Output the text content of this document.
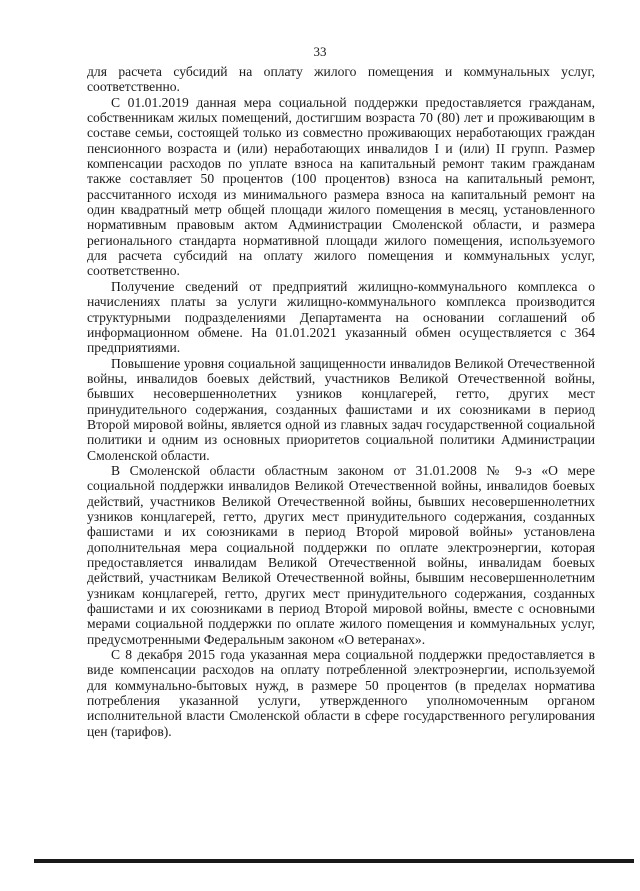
33

для расчета субсидий на оплату жилого помещения и коммунальных услуг, соответственно.

С 01.01.2019 данная мера социальной поддержки предоставляется гражданам, собственникам жилых помещений, достигшим возраста 70 (80) лет и проживающим в составе семьи, состоящей только из совместно проживающих неработающих граждан пенсионного возраста и (или) неработающих инвалидов I и (или) II групп. Размер компенсации расходов по уплате взноса на капитальный ремонт таким гражданам также составляет 50 процентов (100 процентов) взноса на капитальный ремонт, рассчитанного исходя из минимального размера взноса на капитальный ремонт на один квадратный метр общей площади жилого помещения в месяц, установленного нормативным правовым актом Администрации Смоленской области, и размера регионального стандарта нормативной площади жилого помещения, используемого для расчета субсидий на оплату жилого помещения и коммунальных услуг, соответственно.

Получение сведений от предприятий жилищно-коммунального комплекса о начислениях платы за услуги жилищно-коммунального комплекса производится структурными подразделениями Департамента на основании соглашений об информационном обмене. На 01.01.2021 указанный обмен осуществляется с 364 предприятиями.

Повышение уровня социальной защищенности инвалидов Великой Отечественной войны, инвалидов боевых действий, участников Великой Отечественной войны, бывших несовершеннолетних узников концлагерей, гетто, других мест принудительного содержания, созданных фашистами и их союзниками в период Второй мировой войны, является одной из главных задач государственной социальной политики и одним из основных приоритетов социальной политики Администрации Смоленской области.

В Смоленской области областным законом от 31.01.2008 № 9-з «О мере социальной поддержки инвалидов Великой Отечественной войны, инвалидов боевых действий, участников Великой Отечественной войны, бывших несовершеннолетних узников концлагерей, гетто, других мест принудительного содержания, созданных фашистами и их союзниками в период Второй мировой войны» установлена дополнительная мера социальной поддержки по оплате электроэнергии, которая предоставляется инвалидам Великой Отечественной войны, инвалидам боевых действий, участникам Великой Отечественной войны, бывшим несовершеннолетним узникам концлагерей, гетто, других мест принудительного содержания, созданных фашистами и их союзниками в период Второй мировой войны, вместе с основными мерами социальной поддержки по оплате жилого помещения и коммунальных услуг, предусмотренными Федеральным законом «О ветеранах».

С 8 декабря 2015 года указанная мера социальной поддержки предоставляется в виде компенсации расходов на оплату потребленной электроэнергии, используемой для коммунально-бытовых нужд, в размере 50 процентов (в пределах норматива потребления указанной услуги, утвержденного уполномоченным органом исполнительной власти Смоленской области в сфере государственного регулирования цен (тарифов).
